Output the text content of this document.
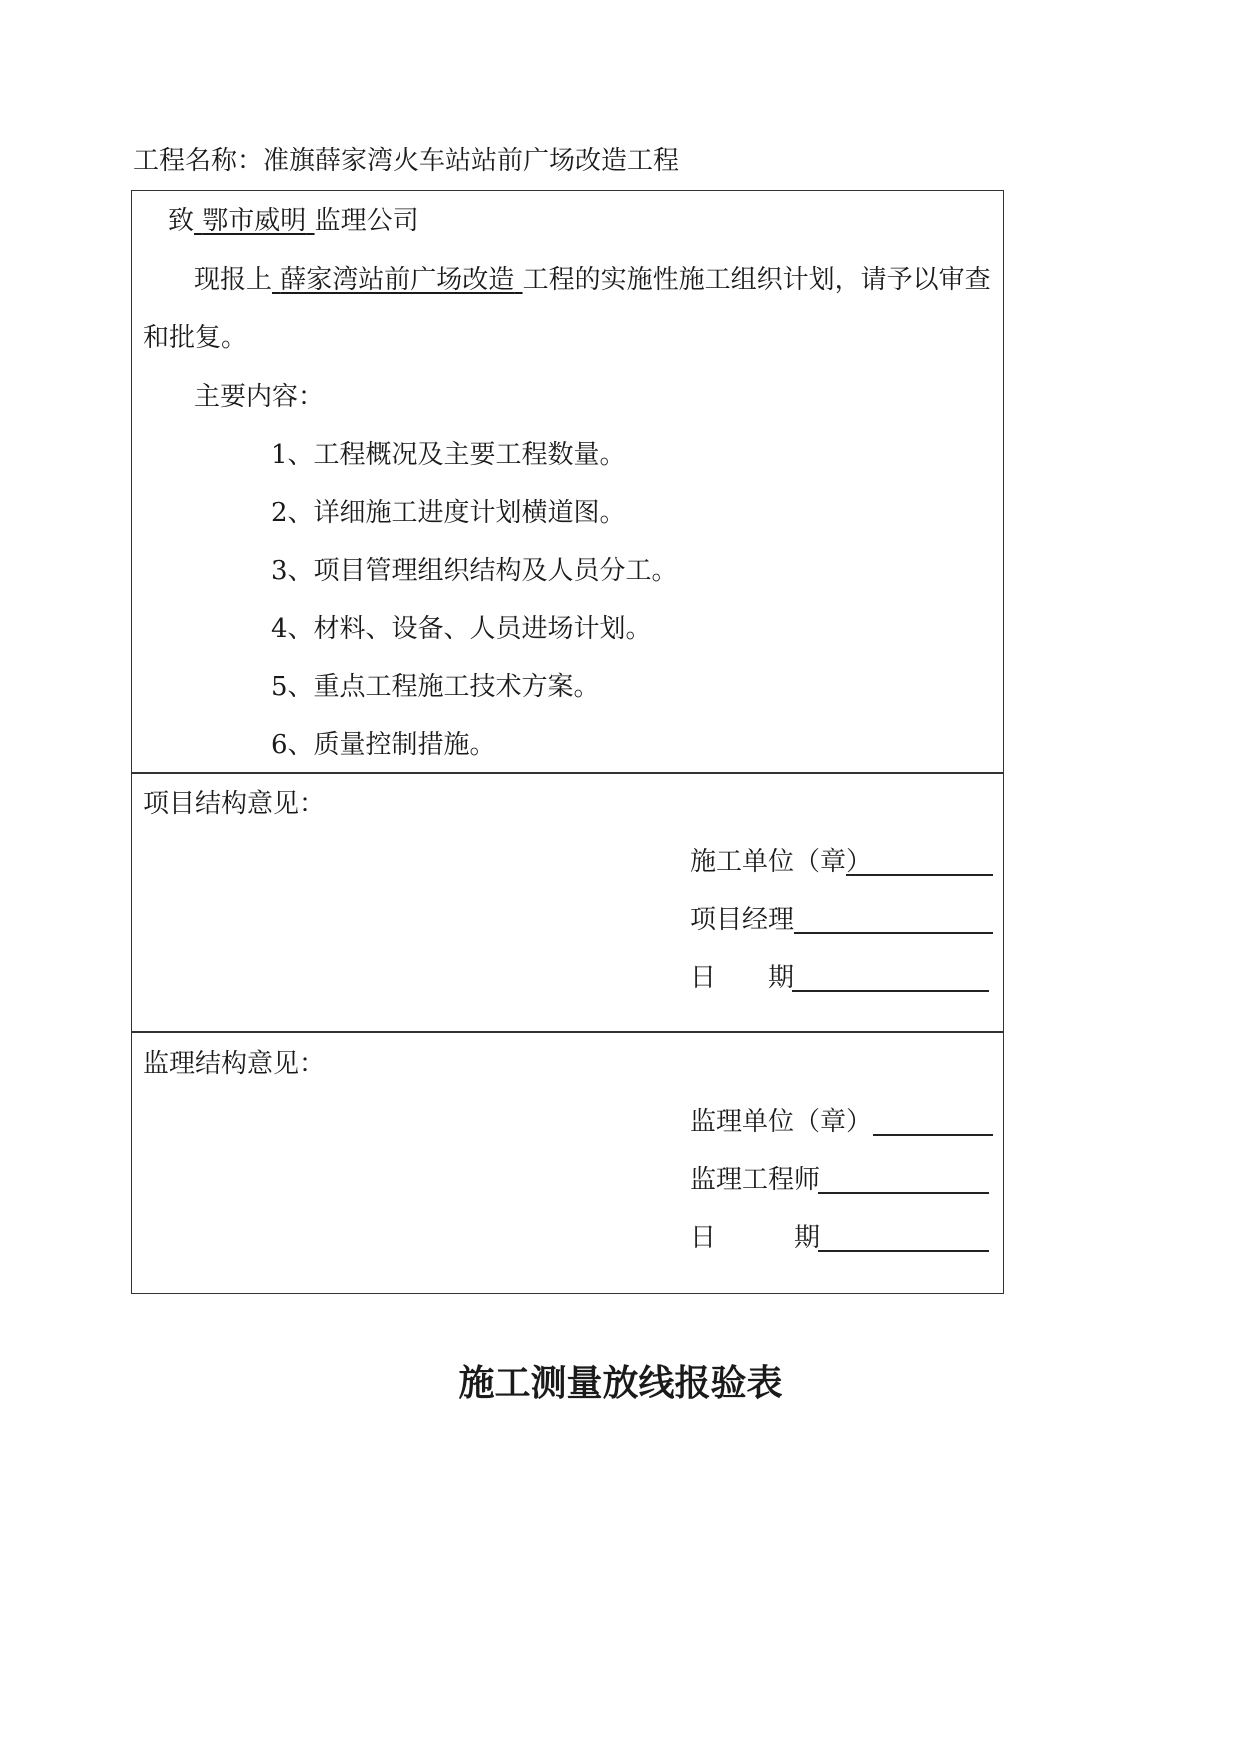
工程名称：准旗薛家湾火车站站前广场改造工程
致 鄂市威明 监理公司
现报上 薛家湾站前广场改造 工程的实施性施工组织计划，请予以审查
和批复。
主要内容：
1、工程概况及主要工程数量。
2、详细施工进度计划横道图。
3、项目管理组织结构及人员分工。
4、材料、设备、人员进场计划。
5、重点工程施工技术方案。
6、质量控制措施。
项目结构意见：
施工单位（章）
项目经理
日　　期
监理结构意见：
监理单位（章）
监理工程师
日　　　期
施工测量放线报验表
